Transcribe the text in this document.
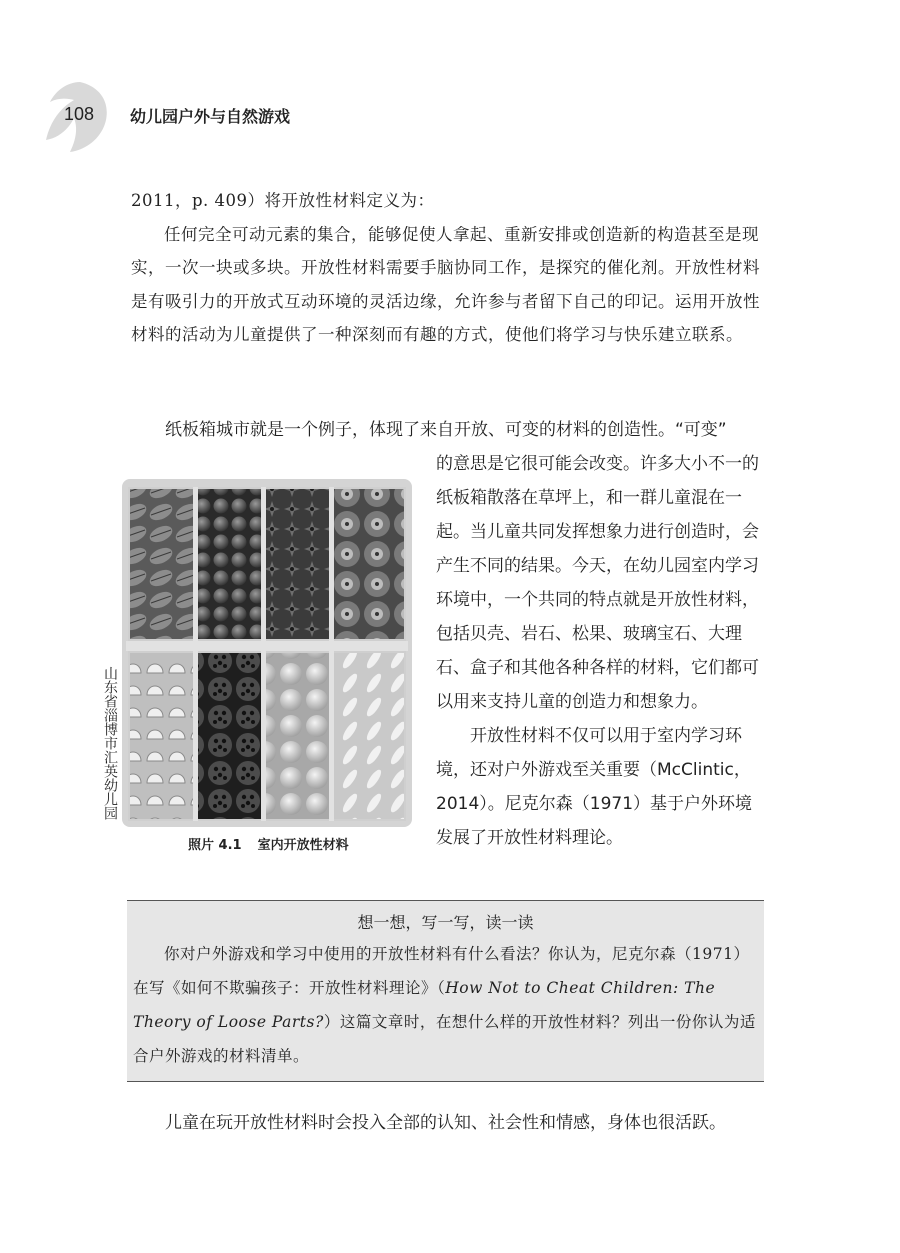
108 幼儿园户外与自然游戏
2011，p. 409）将开放性材料定义为：
任何完全可动元素的集合，能够促使人拿起、重新安排或创造新的构造甚至是现实，一次一块或多块。开放性材料需要手脑协同工作，是探究的催化剂。开放性材料是有吸引力的开放式互动环境的灵活边缘，允许参与者留下自己的印记。运用开放性材料的活动为儿童提供了一种深刻而有趣的方式，使他们将学习与快乐建立联系。
纸板箱城市就是一个例子，体现了来自开放、可变的材料的创造性。“可变”
的意思是它很可能会改变。许多大小不一的纸板箱散落在草坪上，和一群儿童混在一起。当儿童共同发挥想象力进行创造时，会产生不同的结果。今天，在幼儿园室内学习环境中，一个共同的特点就是开放性材料，包括贝壳、岩石、松果、玻璃宝石、大理石、盒子和其他各种各样的材料，它们都可以用来支持儿童的创造力和想象力。
开放性材料不仅可以用于室内学习环境，还对户外游戏至关重要（McClintic，2014）。尼克尔森（1971）基于户外环境发展了开放性材料理论。
山东省淄博市汇英幼儿园
照片 4.1 室内开放性材料
想一想，写一写，读一读
你对户外游戏和学习中使用的开放性材料有什么看法？你认为，尼克尔森（1971）在写《如何不欺骗孩子：开放性材料理论》（How Not to Cheat Children: The Theory of Loose Parts?）这篇文章时，在想什么样的开放性材料？列出一份你认为适合户外游戏的材料清单。
儿童在玩开放性材料时会投入全部的认知、社会性和情感，身体也很活跃。
